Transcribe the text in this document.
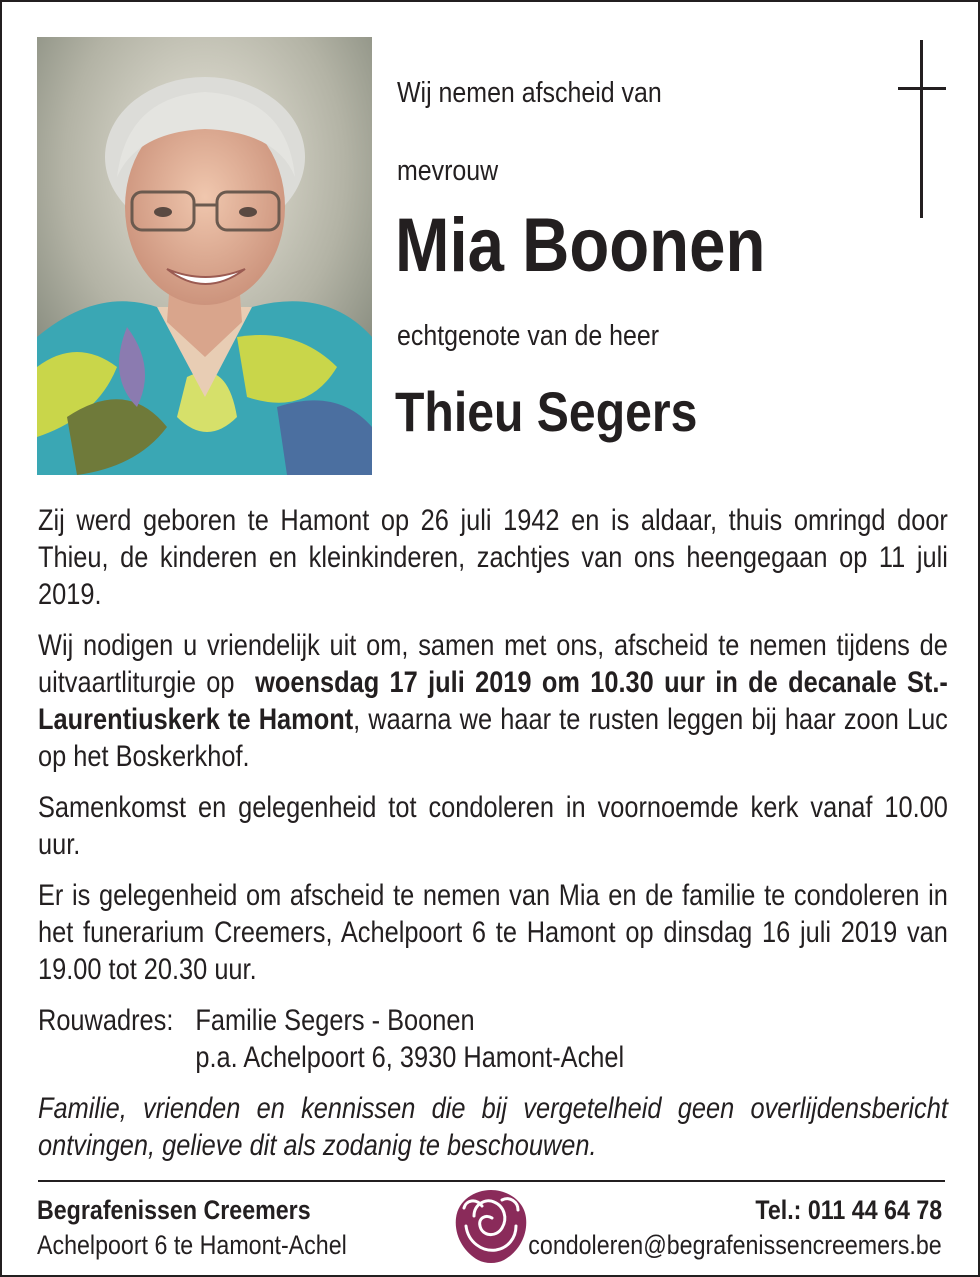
Wij nemen afscheid van
mevrouw
Mia Boonen
echtgenote van de heer
Thieu Segers

Zij werd geboren te Hamont op 26 juli 1942 en is aldaar, thuis omringd door Thieu, de kinderen en kleinkinderen, zachtjes van ons heengegaan op 11 juli 2019.

Wij nodigen u vriendelijk uit om, samen met ons, afscheid te nemen tijdens de uitvaartliturgie op woensdag 17 juli 2019 om 10.30 uur in de decanale St.-Laurentiuskerk te Hamont, waarna we haar te rusten leggen bij haar zoon Luc op het Boskerkhof.

Samenkomst en gelegenheid tot condoleren in voornoemde kerk vanaf 10.00 uur.

Er is gelegenheid om afscheid te nemen van Mia en de familie te condoleren in het funerarium Creemers, Achelpoort 6 te Hamont op dinsdag 16 juli 2019 van 19.00 tot 20.30 uur.

Rouwadres: Familie Segers - Boonen
p.a. Achelpoort 6, 3930 Hamont-Achel

Familie, vrienden en kennissen die bij vergetelheid geen overlijdensbericht ontvingen, gelieve dit als zodanig te beschouwen.

Begrafenissen Creemers
Achelpoort 6 te Hamont-Achel
Tel.: 011 44 64 78
condoleren@begrafenissencreemers.be
